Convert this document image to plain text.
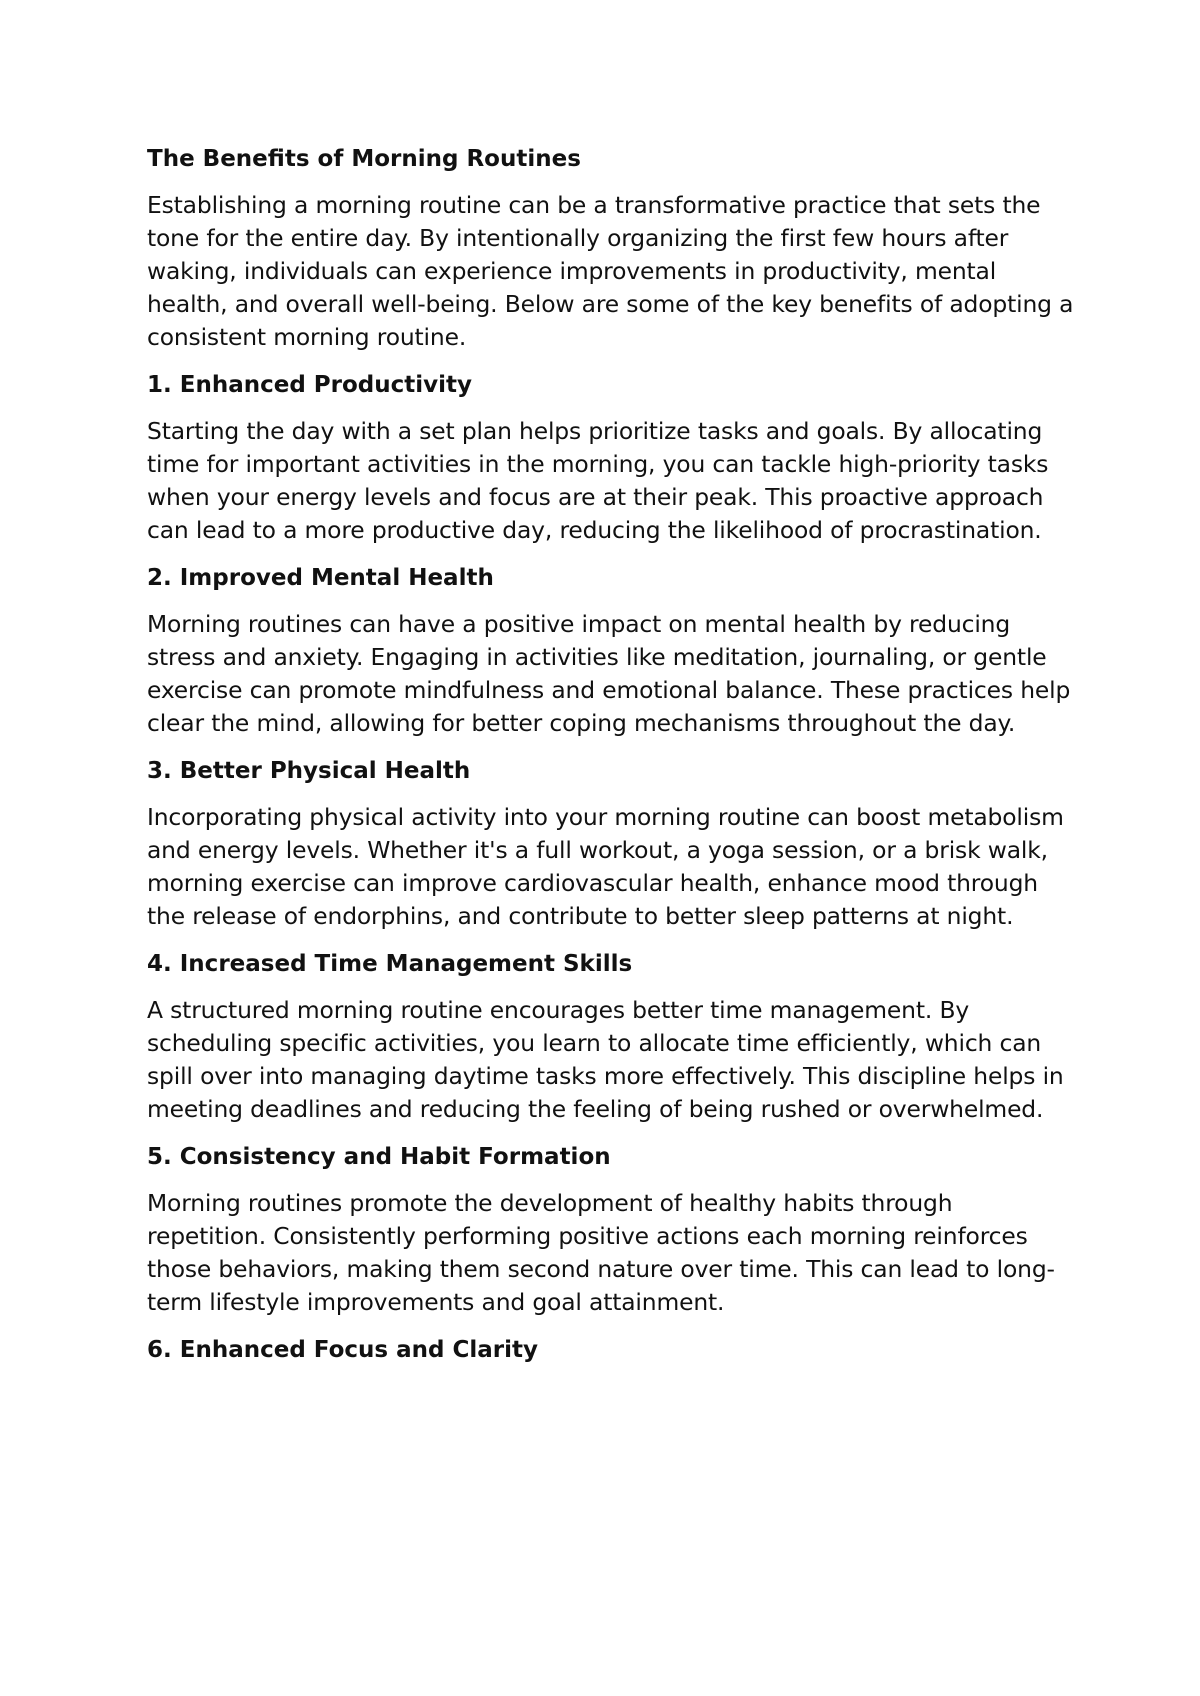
The Benefits of Morning Routines

Establishing a morning routine can be a transformative practice that sets the tone for the entire day. By intentionally organizing the first few hours after waking, individuals can experience improvements in productivity, mental health, and overall well-being. Below are some of the key benefits of adopting a consistent morning routine.

1. Enhanced Productivity

Starting the day with a set plan helps prioritize tasks and goals. By allocating time for important activities in the morning, you can tackle high-priority tasks when your energy levels and focus are at their peak. This proactive approach can lead to a more productive day, reducing the likelihood of procrastination.

2. Improved Mental Health

Morning routines can have a positive impact on mental health by reducing stress and anxiety. Engaging in activities like meditation, journaling, or gentle exercise can promote mindfulness and emotional balance. These practices help clear the mind, allowing for better coping mechanisms throughout the day.

3. Better Physical Health

Incorporating physical activity into your morning routine can boost metabolism and energy levels. Whether it's a full workout, a yoga session, or a brisk walk, morning exercise can improve cardiovascular health, enhance mood through the release of endorphins, and contribute to better sleep patterns at night.

4. Increased Time Management Skills

A structured morning routine encourages better time management. By scheduling specific activities, you learn to allocate time efficiently, which can spill over into managing daytime tasks more effectively. This discipline helps in meeting deadlines and reducing the feeling of being rushed or overwhelmed.

5. Consistency and Habit Formation

Morning routines promote the development of healthy habits through repetition. Consistently performing positive actions each morning reinforces those behaviors, making them second nature over time. This can lead to long-term lifestyle improvements and goal attainment.

6. Enhanced Focus and Clarity
